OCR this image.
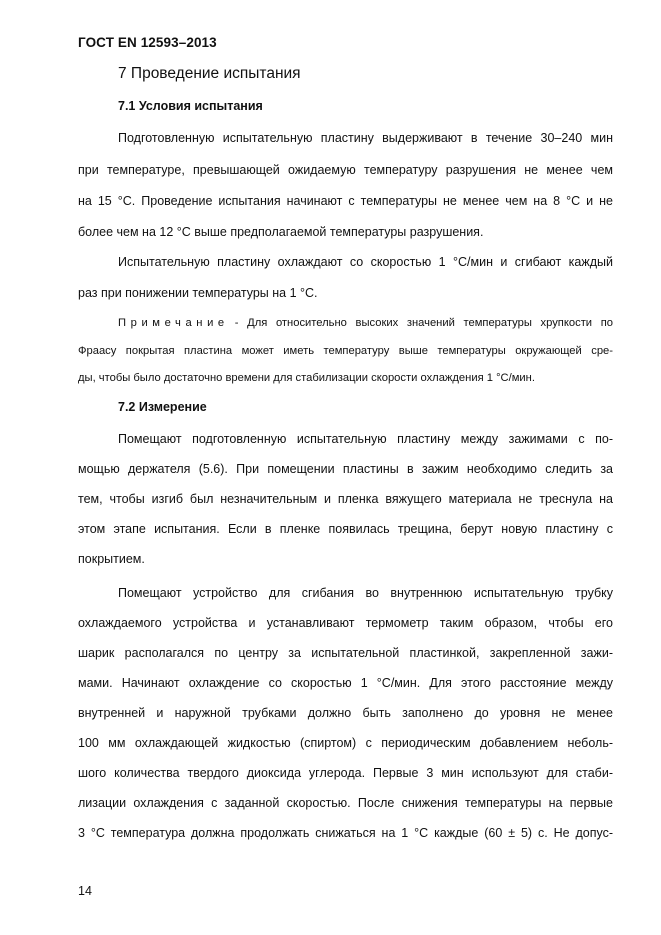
ГОСТ EN 12593–2013
7 Проведение испытания
7.1 Условия испытания
Подготовленную испытательную пластину выдерживают в течение 30–240 мин
при температуре, превышающей ожидаемую температуру разрушения не менее чем
на 15 °С. Проведение испытания начинают с температуры не менее чем на 8 °С и не
более чем на 12 °С выше предполагаемой температуры разрушения.
Испытательную пластину охлаждают со скоростью 1 °С/мин и сгибают каждый
раз при понижении температуры на 1 °С.
Примечание - Для относительно высоких значений температуры хрупкости по
Фраасу покрытая пластина может иметь температуру выше температуры окружающей сре-
ды, чтобы было достаточно времени для стабилизации скорости охлаждения 1 °С/мин.
7.2 Измерение
Помещают подготовленную испытательную пластину между зажимами с по-
мощью держателя (5.6). При помещении пластины в зажим необходимо следить за
тем, чтобы изгиб был незначительным и пленка вяжущего материала не треснула на
этом этапе испытания. Если в пленке появилась трещина, берут новую пластину с
покрытием.
Помещают устройство для сгибания во внутреннюю испытательную трубку
охлаждаемого устройства и устанавливают термометр таким образом, чтобы его
шарик располагался по центру за испытательной пластинкой, закрепленной зажи-
мами. Начинают охлаждение со скоростью 1 °С/мин. Для этого расстояние между
внутренней и наружной трубками должно быть заполнено до уровня не менее
100 мм охлаждающей жидкостью (спиртом) с периодическим добавлением неболь-
шого количества твердого диоксида углерода. Первые 3 мин используют для стаби-
лизации охлаждения с заданной скоростью. После снижения температуры на первые
3 °С температура должна продолжать снижаться на 1 °С каждые (60 ± 5) с. Не допус-
14
